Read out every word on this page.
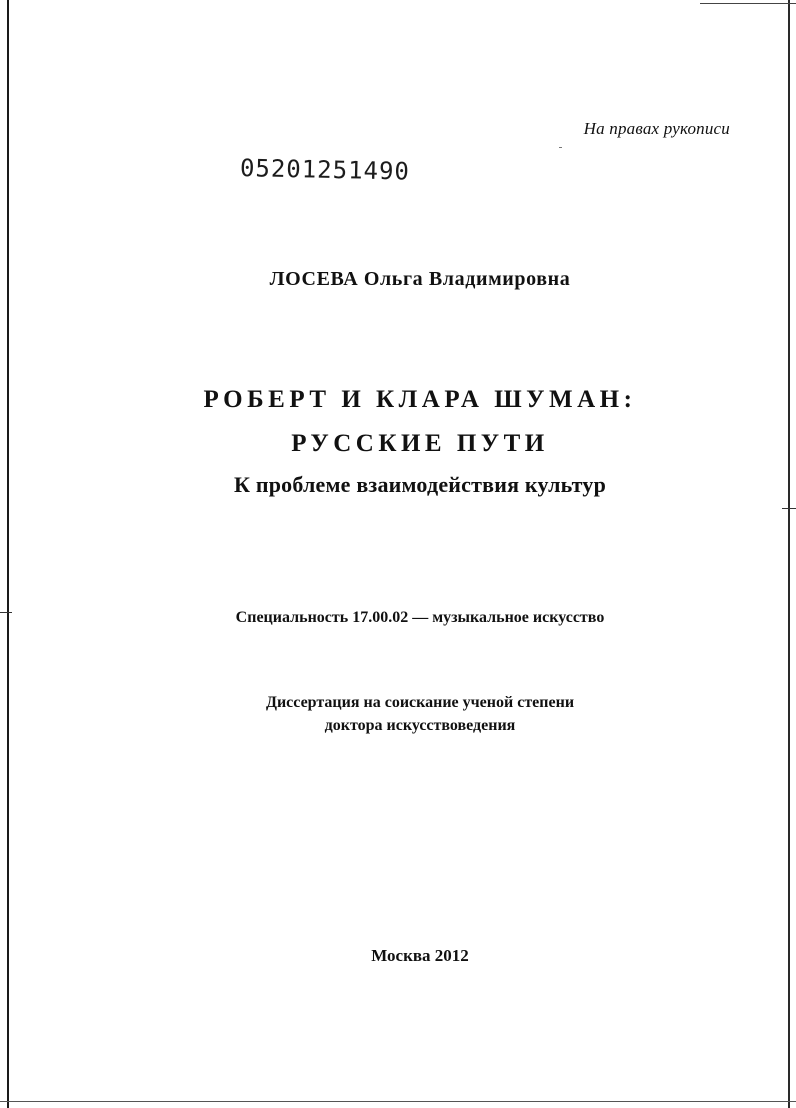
На правах рукописи
05201251490
ЛОСЕВА Ольга Владимировна
РОБЕРТ И КЛАРА ШУМАН:
РУССКИЕ ПУТИ
К проблеме взаимодействия культур
Специальность 17.00.02 — музыкальное искусство
Диссертация на соискание ученой степени
доктора искусствоведения
Москва 2012
